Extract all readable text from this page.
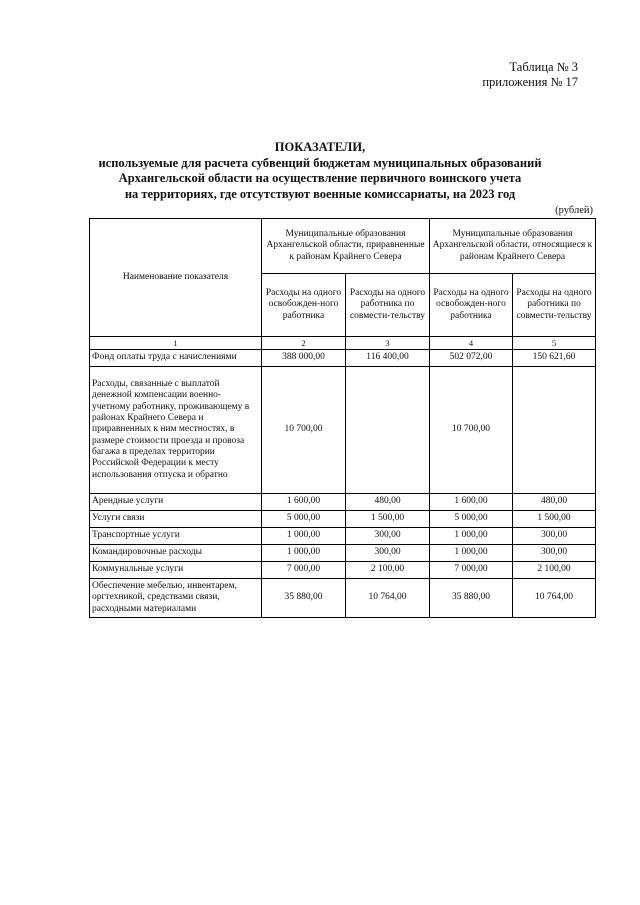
Таблица № 3
приложения № 17
ПОКАЗАТЕЛИ,
используемые для расчета субвенций бюджетам муниципальных образований
Архангельской области на осуществление первичного воинского учета
на территориях, где отсутствуют военные комиссариаты, на 2023 год
(рублей)
Наименование показателя	Муниципальные образования Архангельской области, приравненные к районам Крайнего Севера		Муниципальные образования Архангельской области, относящиеся к районам Крайнего Севера	
	Расходы на одного освобожден-ного работника	Расходы на одного работника по совмести-тельству	Расходы на одного освобожден-ного работника	Расходы на одного работника по совмести-тельству
1	2	3	4	5
Фонд оплаты труда с начислениями	388 000,00	116 400,00	502 072,00	150 621,60
Расходы, связанные с выплатой денежной компенсации военно-учетному работнику, проживающему в районах Крайнего Севера и приравненных к ним местностях, в размере стоимости проезда и провоза багажа в пределах территории Российской Федерации к месту использования отпуска и обратно	10 700,00		10 700,00	
Арендные услуги	1 600,00	480,00	1 600,00	480,00
Услуги связи	5 000,00	1 500,00	5 000,00	1 500,00
Транспортные услуги	1 000,00	300,00	1 000,00	300,00
Командировочные расходы	1 000,00	300,00	1 000,00	300,00
Коммунальные услуги	7 000,00	2 100,00	7 000,00	2 100,00
Обеспечение мебелью, инвентарем, оргтехникой, средствами связи, расходными материалами	35 880,00	10 764,00	35 880,00	10 764,00
